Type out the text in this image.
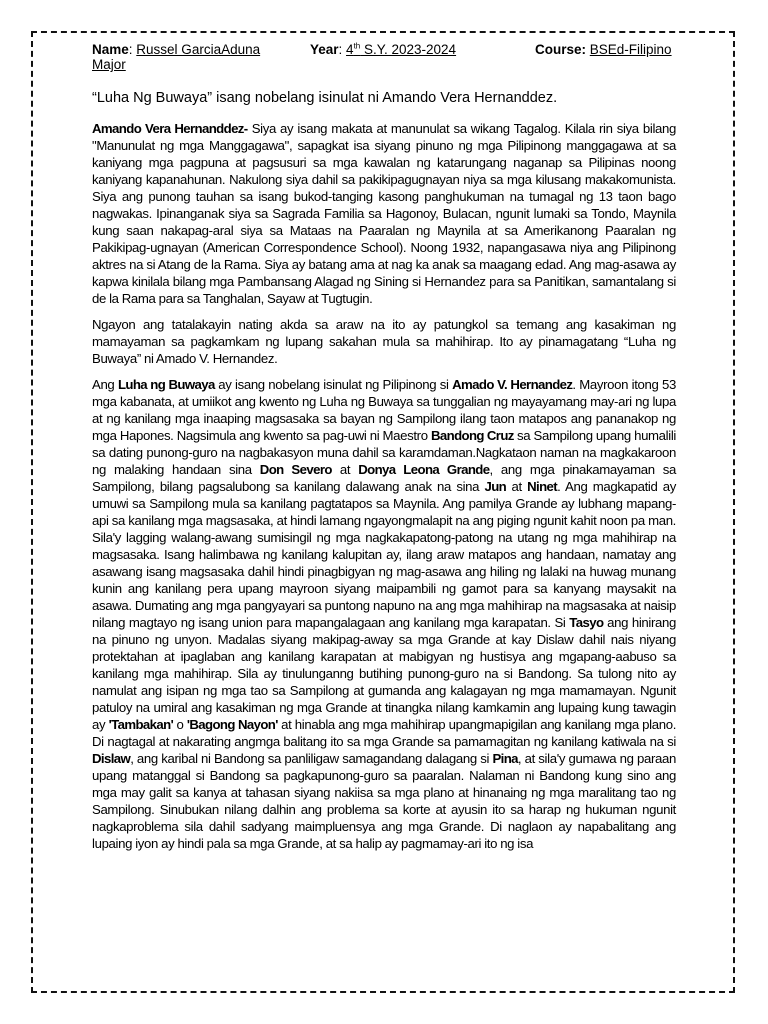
Name: Russel GarciaAduna	Year: 4th S.Y. 2023-2024	Course: BSEd-Filipino
Major
“Luha Ng Buwaya” isang nobelang isinulat ni Amando Vera Hernanddez.

Amando Vera Hernanddez- Siya ay isang makata at manunulat sa wikang Tagalog. Kilala rin siya bilang "Manunulat ng mga Manggagawa", sapagkat isa siyang pinuno ng mga Pilipinong manggagawa at sa kaniyang mga pagpuna at pagsusuri sa mga kawalan ng katarungang naganap sa Pilipinas noong kaniyang kapanahunan. Nakulong siya dahil sa pakikipagugnayan niya sa mga kilusang makakomunista. Siya ang punong tauhan sa isang bukod-tanging kasong panghukuman na tumagal ng 13 taon bago nagwakas. Ipinanganak siya sa Sagrada Familia sa Hagonoy, Bulacan, ngunit lumaki sa Tondo, Maynila kung saan nakapag-aral siya sa Mataas na Paaralan ng Maynila at sa Amerikanong Paaralan ng Pakikipag-ugnayan (American Correspondence School). Noong 1932, napangasawa niya ang Pilipinong aktres na si Atang de la Rama. Siya ay batang ama at nag ka anak sa maagang edad. Ang mag-asawa ay kapwa kinilala bilang mga Pambansang Alagad ng Sining si Hernandez para sa Panitikan, samantalang si de la Rama para sa Tanghalan, Sayaw at Tugtugin.

Ngayon ang tatalakayin nating akda sa araw na ito ay patungkol sa temang ang kasakiman ng mamayaman sa pagkamkam ng lupang sakahan mula sa mahihirap. Ito ay pinamagatang “Luha ng Buwaya” ni Amado V. Hernandez.

Ang Luha ng Buwaya ay isang nobelang isinulat ng Pilipinong si Amado V. Hernandez. Mayroon itong 53 mga kabanata, at umiikot ang kwento ng Luha ng Buwaya sa tunggalian ng mayayamang may-ari ng lupa at ng kanilang mga inaaping magsasaka sa bayan ng Sampilong ilang taon matapos ang pananakop ng mga Hapones. Nagsimula ang kwento sa pag-uwi ni Maestro Bandong Cruz sa Sampilong upang humalili sa dating punong-guro na nagbakasyon muna dahil sa karamdaman.Nagkataon naman na magkakaroon ng malaking handaan sina Don Severo at Donya Leona Grande, ang mga pinakamayaman sa Sampilong, bilang pagsalubong sa kanilang dalawang anak na sina Jun at Ninet. Ang magkapatid ay umuwi sa Sampilong mula sa kanilang pagtatapos sa Maynila. Ang pamilya Grande ay lubhang mapang-api sa kanilang mga magsasaka, at hindi lamang ngayongmalapit na ang piging ngunit kahit noon pa man. Sila'y lagging walang-awang sumisingil ng mga nagkakapatong-patong na utang ng mga mahihirap na magsasaka. Isang halimbawa ng kanilang kalupitan ay, ilang araw matapos ang handaan, namatay ang asawang isang magsasaka dahil hindi pinagbigyan ng mag-asawa ang hiling ng lalaki na huwag munang kunin ang kanilang pera upang mayroon siyang maipambili ng gamot para sa kanyang maysakit na asawa. Dumating ang mga pangyayari sa puntong napuno na ang mga mahihirap na magsasaka at naisip nilang magtayo ng isang union para mapangalagaan ang kanilang mga karapatan. Si Tasyo ang hinirang na pinuno ng unyon. Madalas siyang makipag-away sa mga Grande at kay Dislaw dahil nais niyang protektahan at ipaglaban ang kanilang karapatan at mabigyan ng hustisya ang mgapang-aabuso sa kanilang mga mahihirap. Sila ay tinulunganng butihing punong-guro na si Bandong. Sa tulong nito ay namulat ang isipan ng mga tao sa Sampilong at gumanda ang kalagayan ng mga mamamayan. Ngunit patuloy na umiral ang kasakiman ng mga Grande at tinangka nilang kamkamin ang lupaing kung tawagin ay 'Tambakan' o 'Bagong Nayon' at hinabla ang mga mahihirap upangmapigilan ang kanilang mga plano. Di nagtagal at nakarating angmga balitang ito sa mga Grande sa pamamagitan ng kanilang katiwala na si Dislaw, ang karibal ni Bandong sa panliligaw samagandang dalagang si Pina, at sila'y gumawa ng paraan upang matanggal si Bandong sa pagkapunong-guro sa paaralan. Nalaman ni Bandong kung sino ang mga may galit sa kanya at tahasan siyang nakiisa sa mga plano at hinanaing ng mga maralitang tao ng Sampilong. Sinubukan nilang dalhin ang problema sa korte at ayusin ito sa harap ng hukuman ngunit nagkaproblema sila dahil sadyang maimpluensya ang mga Grande. Di naglaon ay napabalitang ang lupaing iyon ay hindi pala sa mga Grande, at sa halip ay pagmamay-ari ito ng isa
